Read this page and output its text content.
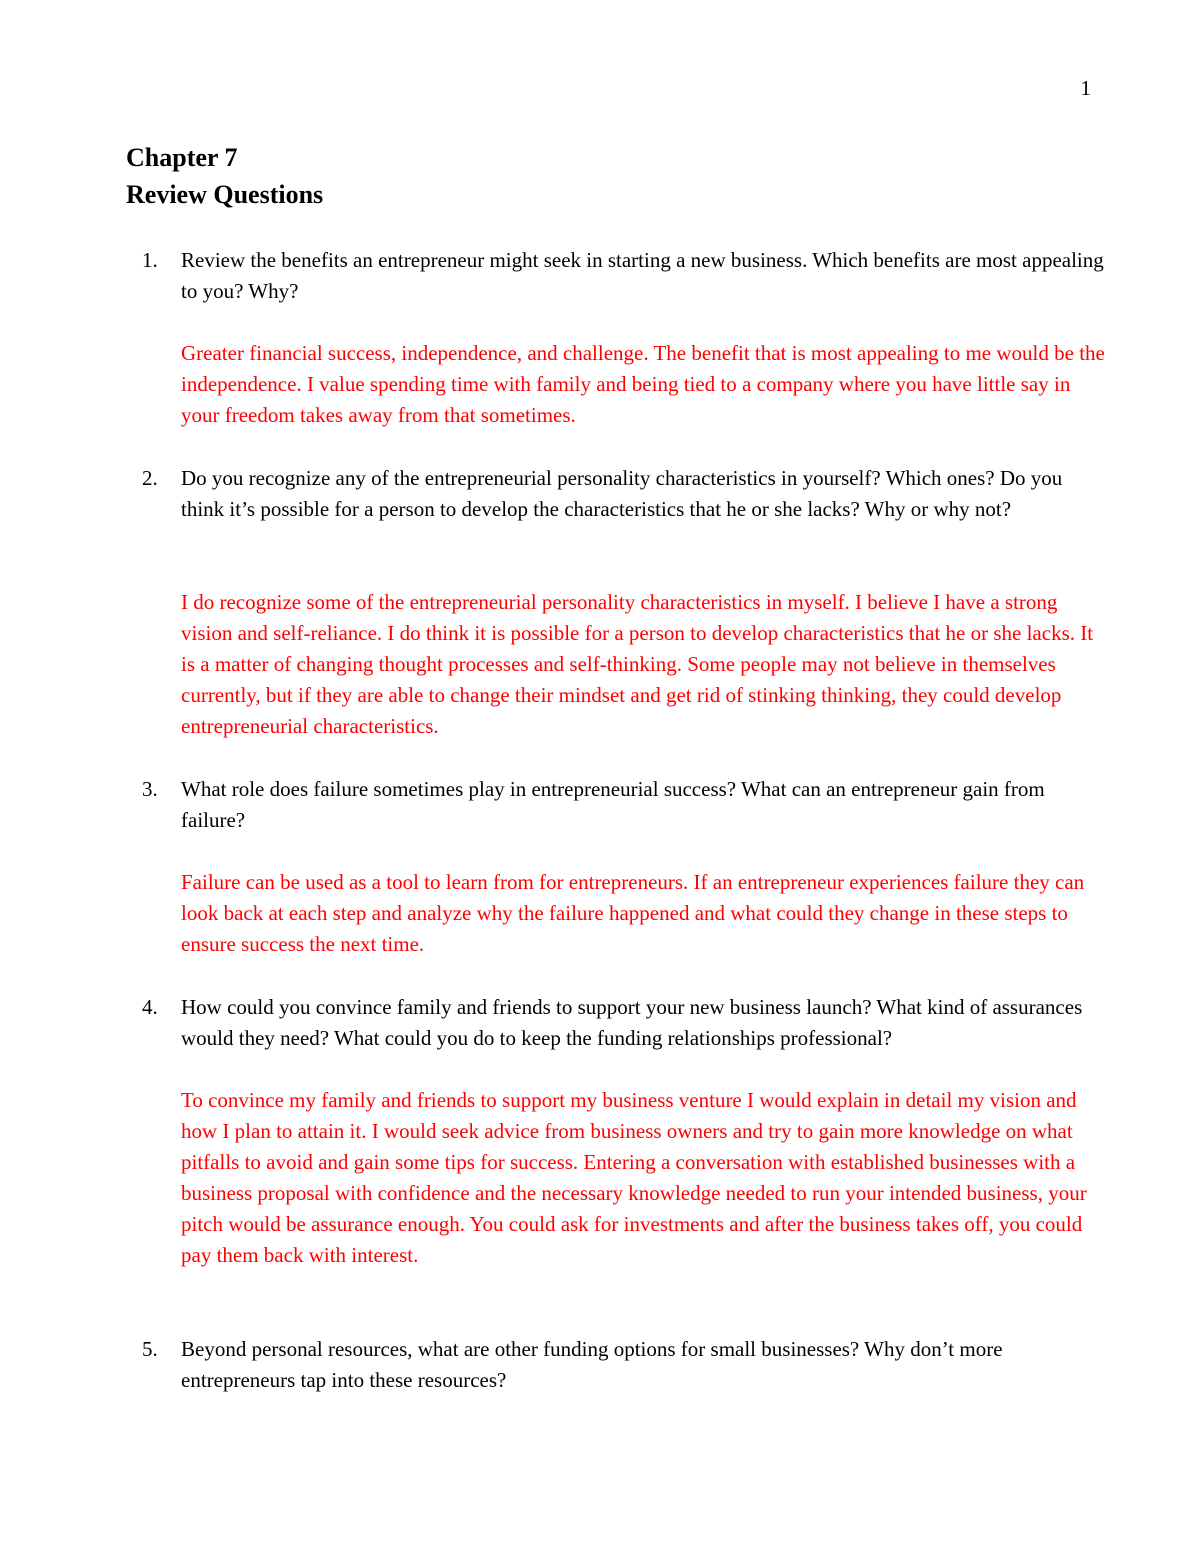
1
Chapter 7
Review Questions
1. Review the benefits an entrepreneur might seek in starting a new business. Which benefits are most appealing to you? Why?
Greater financial success, independence, and challenge. The benefit that is most appealing to me would be the independence. I value spending time with family and being tied to a company where you have little say in your freedom takes away from that sometimes.
2. Do you recognize any of the entrepreneurial personality characteristics in yourself? Which ones? Do you think it’s possible for a person to develop the characteristics that he or she lacks? Why or why not?
I do recognize some of the entrepreneurial personality characteristics in myself. I believe I have a strong vision and self-reliance. I do think it is possible for a person to develop characteristics that he or she lacks. It is a matter of changing thought processes and self-thinking. Some people may not believe in themselves currently, but if they are able to change their mindset and get rid of stinking thinking, they could develop entrepreneurial characteristics.
3. What role does failure sometimes play in entrepreneurial success? What can an entrepreneur gain from failure?
Failure can be used as a tool to learn from for entrepreneurs. If an entrepreneur experiences failure they can look back at each step and analyze why the failure happened and what could they change in these steps to ensure success the next time.
4. How could you convince family and friends to support your new business launch? What kind of assurances would they need? What could you do to keep the funding relationships professional?
To convince my family and friends to support my business venture I would explain in detail my vision and how I plan to attain it. I would seek advice from business owners and try to gain more knowledge on what pitfalls to avoid and gain some tips for success. Entering a conversation with established businesses with a business proposal with confidence and the necessary knowledge needed to run your intended business, your pitch would be assurance enough. You could ask for investments and after the business takes off, you could pay them back with interest.
5. Beyond personal resources, what are other funding options for small businesses? Why don’t more entrepreneurs tap into these resources?
